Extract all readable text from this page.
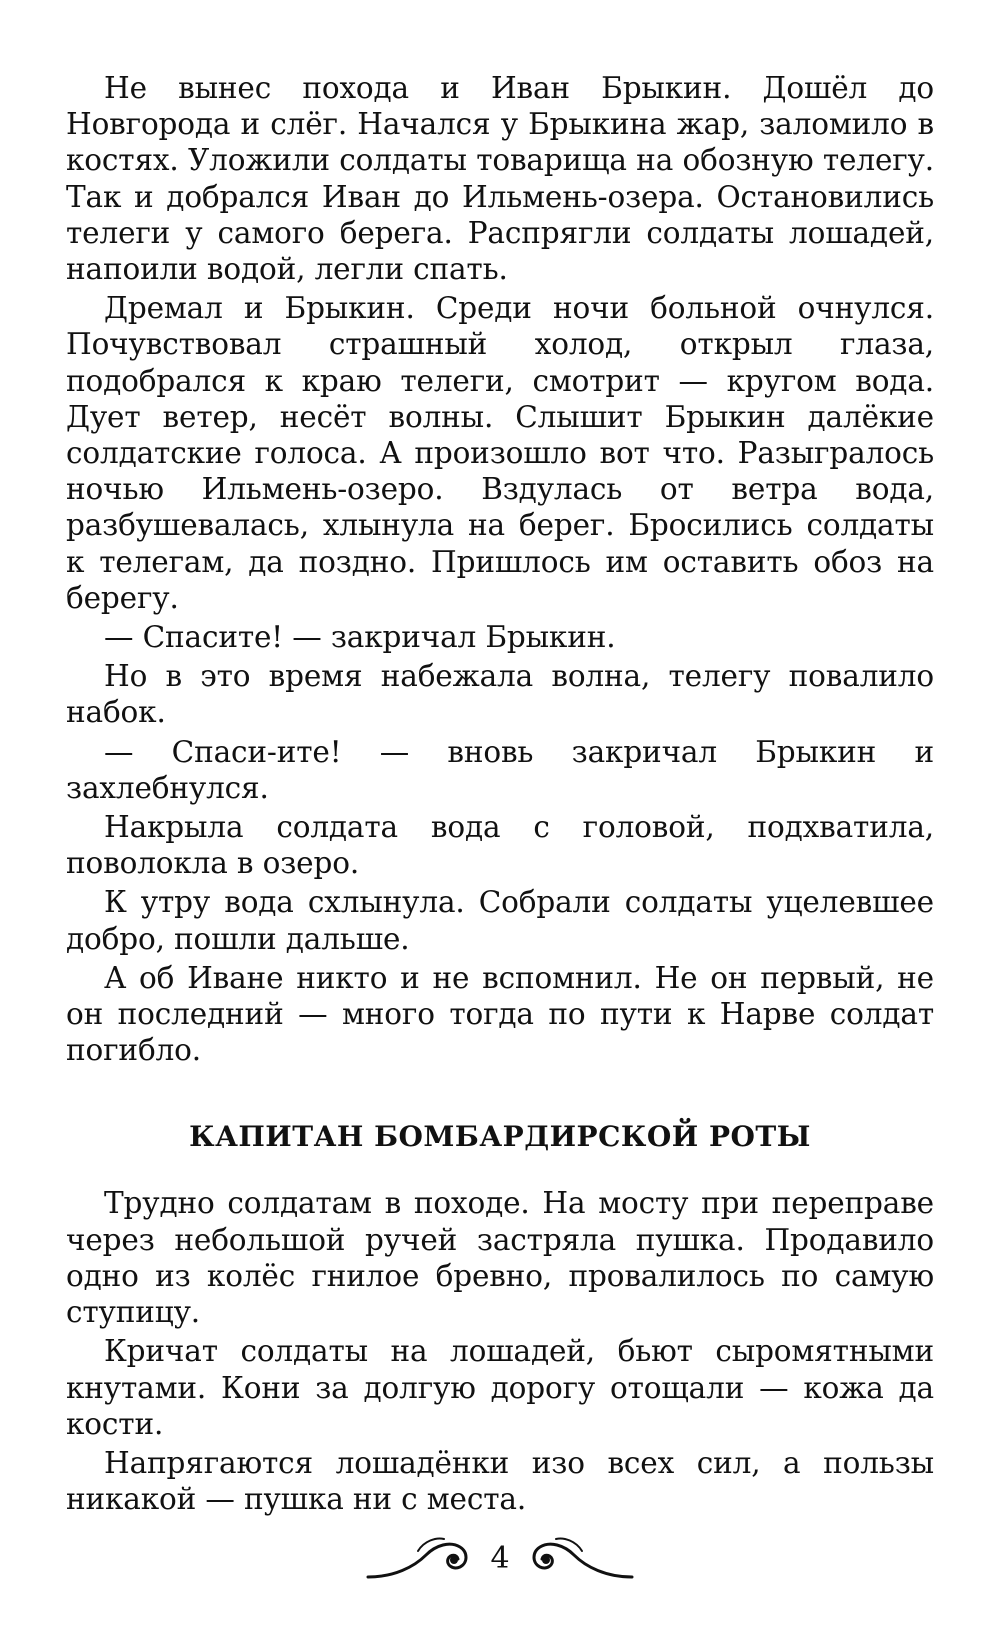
Не вынес похода и Иван Брыкин. Дошёл до Новгорода и слёг. Начался у Брыкина жар, заломило в костях. Уложили солдаты товарища на обозную телегу. Так и добрался Иван до Ильмень-озера. Остановились телеги у самого берега. Распрягли солдаты лошадей, напоили водой, легли спать.

Дремал и Брыкин. Среди ночи больной очнулся. Почувствовал страшный холод, открыл глаза, подобрался к краю телеги, смотрит — кругом вода. Дует ветер, несёт волны. Слышит Брыкин далёкие солдатские голоса. А произошло вот что. Разыгралось ночью Ильмень-озеро. Вздулась от ветра вода, разбушевалась, хлынула на берег. Бросились солдаты к телегам, да поздно. Пришлось им оставить обоз на берегу.

— Спасите! — закричал Брыкин.

Но в это время набежала волна, телегу повалило набок.

— Спаси-ите! — вновь закричал Брыкин и захлебнулся.

Накрыла солдата вода с головой, подхватила, поволокла в озеро.

К утру вода схлынула. Собрали солдаты уцелевшее добро, пошли дальше.

А об Иване никто и не вспомнил. Не он первый, не он последний — много тогда по пути к Нарве солдат погибло.

КАПИТАН БОМБАРДИРСКОЙ РОТЫ

Трудно солдатам в походе. На мосту при переправе через небольшой ручей застряла пушка. Продавило одно из колёс гнилое бревно, провалилось по самую ступицу.

Кричат солдаты на лошадей, бьют сыромятными кнутами. Кони за долгую дорогу отощали — кожа да кости.

Напрягаются лошадёнки изо всех сил, а пользы никакой — пушка ни с места.

4
